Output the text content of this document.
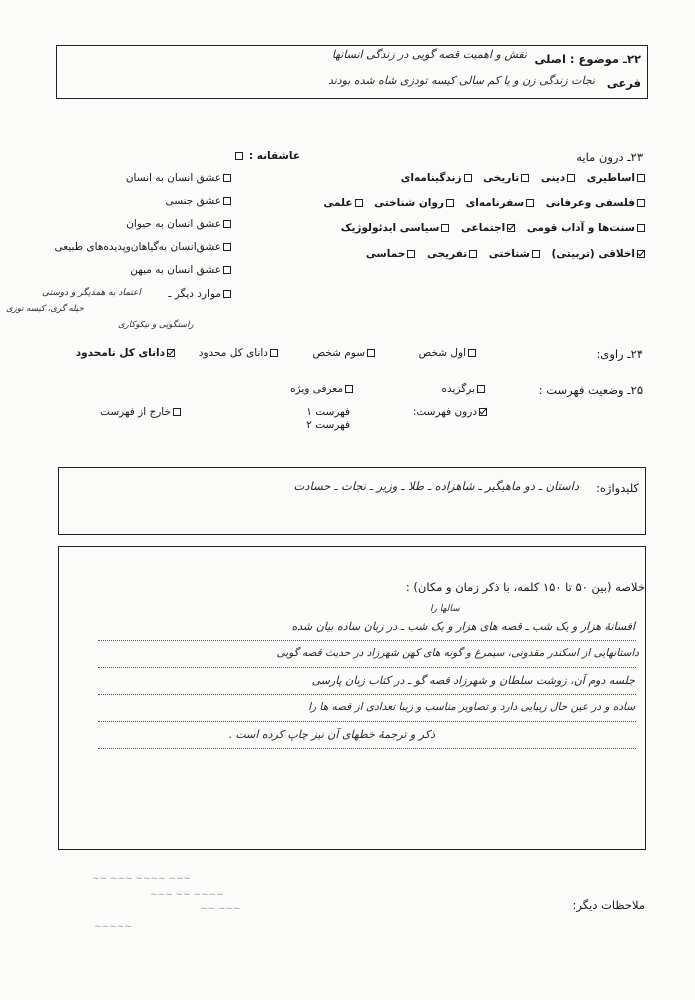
۲۲ـ موضوع : اصلی
نقش و اهمیت قصه گویی در زندگی انسانها
فرعی
نجات زندگی زن و یا کم سالی کیسه تودزی شاه شده بودند
۲۳ـ درون مایه
اساطیری دینی تاریخی زندگینامه‌ای
فلسفی وعرفانی سفرنامه‌ای روان شناختی علمی
سنت‌ها و آداب قومی اجتماعی سیاسی ایدئولوژیک
اخلاقی (تربیتی) شناختی تفریحی حماسی
عاشقانه :
عشق انسان به انسان
عشق جنسی
عشق انسان به حیوان
عشق‌انسان به‌گیاهان‌وپدیده‌های طبیعی
عشق انسان به میهن
موارد دیگر ـ
اعتماد به همدیگر و دوستی
حیله گری، کیسه توزی
راستگویی و نیکوکاری
۲۴ـ راوی:
اول شخص
سوم شخص
دانای کل محدود
دانای کل نامحدود
۲۵ـ وضعیت فهرست :
برگزیده
معرفی ویژه
درون فهرست:
فهرست ۱
فهرست ۲
خارج از فهرست
کلیدواژه:
داستان ـ دو ماهیگیر ـ شاهزاده ـ طلا ـ وزیر ـ نجات ـ حسادت
خلاصه (بین ۵۰ تا ۱۵۰ کلمه، با ذکر زمان و مکان) :
سالها را
افسانهٔ هزار و یک شب ـ قصه های هزار و یک شب ـ در زبان ساده بیان شده
داستانهایی از اسکندر مقدونی، سیمرغ و گونه های کهن شهرزاد در حدیث قصه گویی
جلسه دوم آن، زوشت سلطان و شهرزاد قصه گو ـ در کتاب زبان پارسی
ساده و در عین حال زیبایی دارد و تصاویر مناسب و زیبا تعدادی از قصه ها را
ذکر و ترجمهٔ خطهای آن نیز چاپ کرده است .
~~ ~~~ ~~~~ ~~~
~~~ ~~ ~~~~
~~ ~~~
~~~~~
ملاحظات دیگر:
